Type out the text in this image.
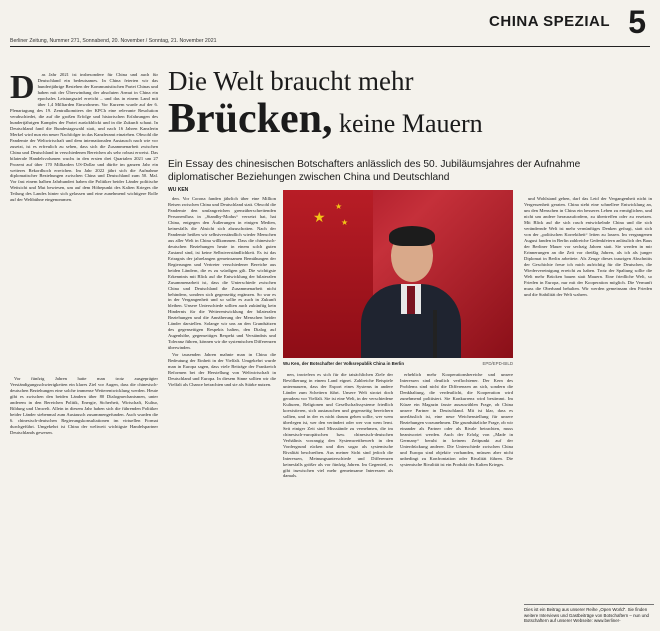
Berliner Zeitung, Nummer 271, Sonnabend, 20. November / Sonntag, 21. November 2021
CHINA SPEZIAL 5
D	as Jahr 2021 ist insbesondere für China und auch für Deutschland ein bedeutsames. In China feierten wir das hundertjährige Bestehen der Kommunistischen Partei Chinas und haben mit der Überwindung der absoluten Armut in China ein epochales Leistungsziel erreicht – und das in einem Land mit über 1,4 Milliarden Einwohnern. Vor Kurzem wurde auf der 6. Plenartagung des 19. Zentralkomitees der KPCh eine relevante Resolution verabschiedet, die auf die großen Erfolge und historischen Erfahrungen des hundertjährigen Kampfes der Partei zurückblickt und in die Zukunft schaut. In Deutschland fand die Bundestagswahl statt, und nach 16 Jahren Kanzlerin Merkel wird nun ein neuer Nachfolger in das Kanzleramt einziehen. Obwohl die Pandemie der Weltwirtschaft und dem internationalen Austausch nach wie vor zusetzt, ist es erfreulich zu sehen, dass sich die Zusammenarbeit zwischen China und Deutschland in verschiedenen Bereichen als sehr robust erweist. Das bilaterale Handelsvolumen wuchs in den ersten drei Quartalen 2021 um 27 Prozent auf über 170 Milliarden US-Dollar und dürfte im ganzen Jahr ein weiteres Rekordhoch erreichen. Im Jahr 2022 jährt sich die Aufnahme diplomatischer Beziehungen zwischen China und Deutschland zum 50. Mal. Vor fast einem halben Jahrhundert haben die Politiker beider Länder politische Weitsicht und Mut bewiesen, um auf dem Höhepunkt des Kalten Krieges die Teilung des Landes hinter sich gelassen und eine zunehmend wichtigere Rolle auf der Weltbühne eingenommen.

Vor fünfzig Jahren hatte man trotz ausgeprägter Verständigungsschwierigkeiten ein klares Ziel vor Augen, dass die chinesisch-deutschen Beziehungen eine solche immense Weiterentwicklung werden. Heute gibt es zwischen den beiden Ländern über 80 Dialogmechanismen, unter anderem in den Bereichen Politik, Energie, Sicherheit, Wirtschaft, Kultur, Bildung und Umwelt. Allein in diesem Jahr haben sich die führenden Politiker beider Länder siebenmal zum Austausch zusammengefunden. Auch wurden die 6. chinesisch-deutschen Regierungskonsultationen im virtuellen Format durchgeführt. Umgekehrt ist China der weltweit wichtigste Handelspartner Deutschlands gewesen.

Die Welt braucht mehr
Brücken, keine Mauern
Ein Essay des chinesischen Botschafters anlässlich des 50. Jubiläumsjahres der Aufnahme diplomatischer Beziehungen zwischen China und Deutschland
WU KEN

den. Vor Corona fanden jährlich über eine Million Reisen zwischen China und Deutschland statt. Obwohl die Pandemie den umfangreichen grenzüberschreitenden Personenfluss in „Standby-Modus“ versetzt hat, hat China, entgegen den Äußerungen in einigen Medien, keinesfalls die Absicht sich abzuschotten. Nach der Pandemie heißen wir selbstverständlich wieder Menschen aus aller Welt in China willkommen. Dass die chinesisch-deutschen Beziehungen heute in einem solch guten Zustand sind, ist keine Selbstverständlichkeit. Es ist das Ertragnis der jahrelangen gemeinsamen Bemühungen der Regierungen und Vertreter verschiedener Bereiche aus beiden Ländern, die es zu würdigen gilt. Die wichtigste Erkenntnis mit Blick auf die Entwicklung der bilateralen Zusammenarbeit ist, dass die Unterschiede zwischen China und Deutschland die Zusammenarbeit nicht behindern, sondern sich gegenseitig ergänzen. So war es in der Vergangenheit und so sollte es auch in Zukunft bleiben. Unsere Unterschiede sollten auch zukünftig kein Hindernis für die Weiterentwicklung der bilateralen Beziehungen und die Annäherung der Menschen beider Länder darstellen. Solange wir uns an den Grundsätzen des gegenseitigen Respekts halten, den Dialog auf Augenhöhe, gegenseitiges Respekt und Verständnis und Toleranz führen, können wir die systemischen Differenzen überwinden.

Vor tausenden Jahren mahnte man in China die Bedeutung der Einheit in der Vielfalt. Umgekehrt wurde man in Europa sagen, dass viele Beiträge der Frankreich Reformen bei der Herstellung von Weltwirtschaft in Deutschland und Europa. In diesem Sinne sollten wir die Vielfalt als Chance betrachten und sie als Stärke nutzen.

★
★
★
Wu Ken, der Botschafter der Volksrepublik China in Berlin	EPD/EPD-BILD

nen, inwiefern es sich für die tatsächlichen Ziele der Bevölkerung in einem Land eignet. Zahlreiche Beispiele untermauern, dass der Export eines Systems in andere Länder zum Scheitern führt. Unsere Welt strotzt doch geradezu vor Vielfalt. Sie ist eine Welt, in der verschiedene Kulturen, Religionen und Gesellschaftssysteme friedlich koexistieren, sich austauschen und gegenseitig bereichern sollten, und in der es nicht darum gehen sollte, wer wem überlegen ist, wer den verändert oder wer von wem lernt. Seit einiger Zeit sind Missstände zu vernehmen, die im chinesisch-europäischen bzw. chinesisch-deutschen Verhältnis vorrangig den Systemwettbewerb in den Vordergrund rücken und dies sogar als systemische Rivalität beschreiben. Aus meiner Sicht sind jedoch die Interessen, Meinungsunterschiede und Differenzen keinesfalls größer als vor fünfzig Jahren. Im Gegenteil, es gibt inzwischen viel mehr gemeinsame Interessen als damals.

erheblich mehr Kooperationsbereiche und unsere Interessen sind deutlich verflochtener. Der Kern des Problems sind nicht die Differenzen an sich, sondern die Denkhaltung, die verdeutlicht, die Kooperation wird zunehmend politisiert. Sie Konkurrenz wird bestimmt. Im Kürze ein Magazin fasste auszuwählen Frage, ob China unsere Partner in Deutschland. Mit ist klar, dass es unerlässlich ist, eine neue Weichenstellung für unsere Beziehungen vorzunehmen. Die grundsätzliche Frage, ob wir einander als Partner oder als Rivale betrachten, muss beantwortet werden. Auch der Erfolg von „Made in Germany“ beruht in keinem Zeitpunkt auf der Unterdrückung anderer. Die Unterschiede zwischen China und Europa sind objektiv vorhanden, müssen aber nicht unbedingt zu Konfrontation oder Rivalität führen. Die systemische Rivalität ist ein Produkt des Kalten Krieges.

und Wohlstand gehen, darf das Leid der Vergangenheit nicht in Vergessenheit geraten. China steht eine schnellere Entwicklung an, um den Menschen in China ein besseres Leben zu ermöglichen, und nicht um andere herauszufordern, zu übertreffen oder zu ersetzen. Mit Blick auf die sich rasch entwickelnde China und die sich verändernde Welt ist mehr vernünftiges Denken gefragt, statt sich von der „politischen Korrektheit“ leiten zu lassen. Im vergangenen August fanden in Berlin zahlreiche Gedenkfeiern anlässlich des Baus der Berliner Mauer vor sechzig Jahren statt. Sie werden in mir Erinnerungen an die Zeit vor dreißig Jahren, als ich als junger Diplomat in Berlin arbeitete. Als Zeuge dieses traurigen Abschnitts der Geschichte freue ich mich aufrichtig für die Deutschen, die Wiedervereinigung erreicht zu haben. Trotz der Spaltung sollte die Welt mehr Brücken bauen statt Mauern. Eine friedliche Welt, so Frieden in Europa, nur mit der Kooperation möglich. Die Vernunft muss die Oberhand behalten. Wir werden gemeinsam den Frieden und die Stabilität der Welt wahren.

Dies ist ein Beitrag aus unserer Reihe „Open World“. Sie finden weitere Interviews und Gastbeiträge von Botschaftern – nun und Botschaftern auf unserer Webseite: www.berliner-
